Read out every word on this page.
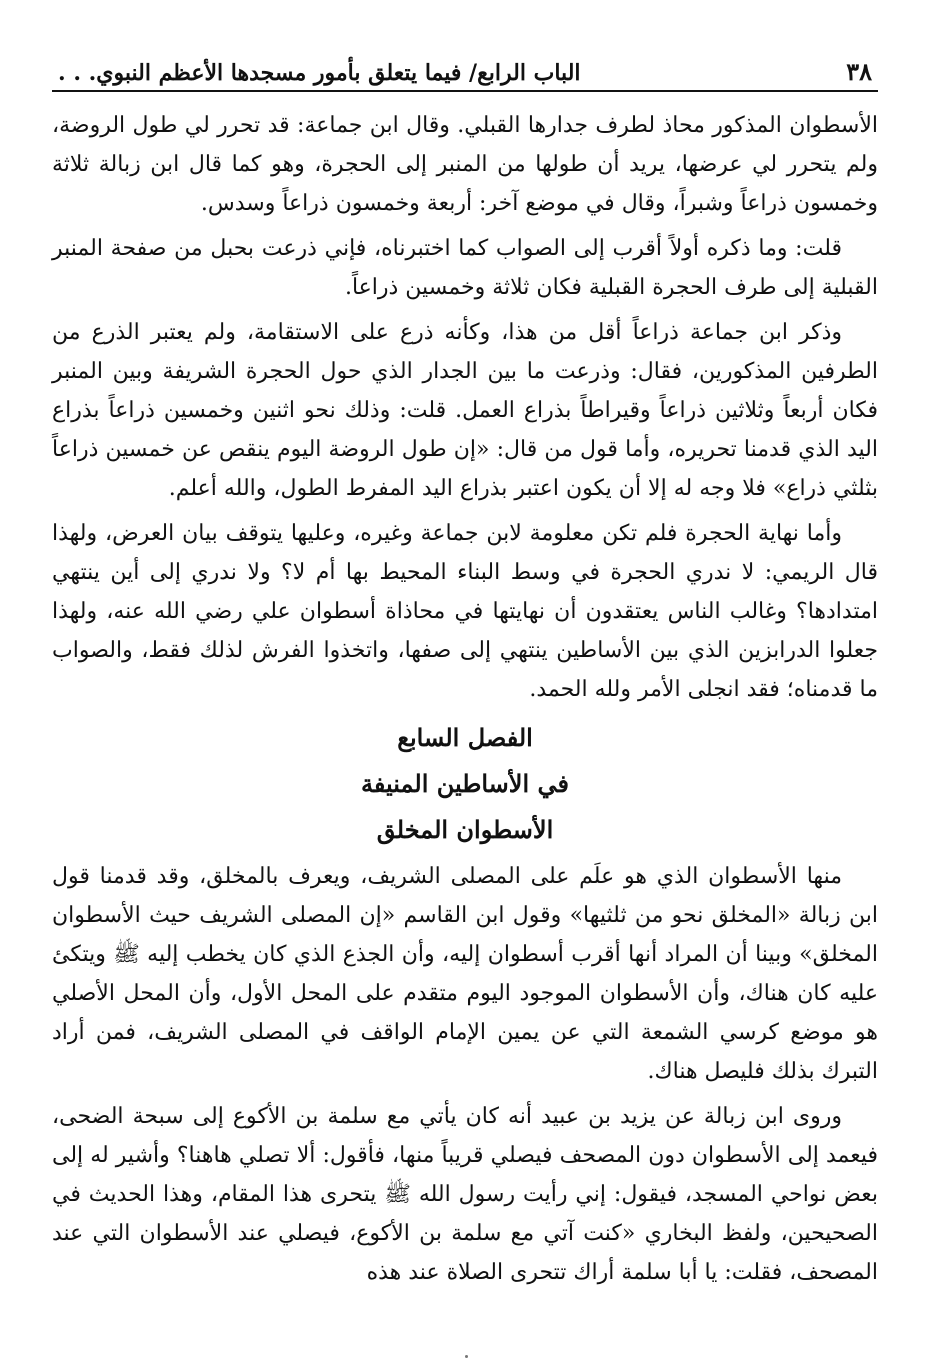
٣٨
الباب الرابع/ فيما يتعلق بأمور مسجدها الأعظم النبوي. . .

الأسطوان المذكور محاذ لطرف جدارها القبلي. وقال ابن جماعة: قد تحرر لي طول الروضة، ولم يتحرر لي عرضها، يريد أن طولها من المنبر إلى الحجرة، وهو كما قال ابن زبالة ثلاثة وخمسون ذراعاً وشبراً، وقال في موضع آخر: أربعة وخمسون ذراعاً وسدس.

قلت: وما ذكره أولاً أقرب إلى الصواب كما اختبرناه، فإني ذرعت بحبل من صفحة المنبر القبلية إلى طرف الحجرة القبلية فكان ثلاثة وخمسين ذراعاً.

وذكر ابن جماعة ذراعاً أقل من هذا، وكأنه ذرع على الاستقامة، ولم يعتبر الذرع من الطرفين المذكورين، فقال: وذرعت ما بين الجدار الذي حول الحجرة الشريفة وبين المنبر فكان أربعاً وثلاثين ذراعاً وقيراطاً بذراع العمل. قلت: وذلك نحو اثنين وخمسين ذراعاً بذراع اليد الذي قدمنا تحريره، وأما قول من قال: «إن طول الروضة اليوم ينقص عن خمسين ذراعاً بثلثي ذراع» فلا وجه له إلا أن يكون اعتبر بذراع اليد المفرط الطول، والله أعلم.

وأما نهاية الحجرة فلم تكن معلومة لابن جماعة وغيره، وعليها يتوقف بيان العرض، ولهذا قال الريمي: لا ندري الحجرة في وسط البناء المحيط بها أم لا؟ ولا ندري إلى أين ينتهي امتدادها؟ وغالب الناس يعتقدون أن نهايتها في محاذاة أسطوان علي رضي الله عنه، ولهذا جعلوا الدرابزين الذي بين الأساطين ينتهي إلى صفها، واتخذوا الفرش لذلك فقط، والصواب ما قدمناه؛ فقد انجلى الأمر ولله الحمد.

الفصل السابع
في الأساطين المنيفة
الأسطوان المخلق

منها الأسطوان الذي هو علَم على المصلى الشريف، ويعرف بالمخلق، وقد قدمنا قول ابن زبالة «المخلق نحو من ثلثيها» وقول ابن القاسم «إن المصلى الشريف حيث الأسطوان المخلق» وبينا أن المراد أنها أقرب أسطوان إليه، وأن الجذع الذي كان يخطب إليه ﷺ ويتكئ عليه كان هناك، وأن الأسطوان الموجود اليوم متقدم على المحل الأول، وأن المحل الأصلي هو موضع كرسي الشمعة التي عن يمين الإمام الواقف في المصلى الشريف، فمن أراد التبرك بذلك فليصل هناك.

وروى ابن زبالة عن يزيد بن عبيد أنه كان يأتي مع سلمة بن الأكوع إلى سبحة الضحى، فيعمد إلى الأسطوان دون المصحف فيصلي قريباً منها، فأقول: ألا تصلي هاهنا؟ وأشير له إلى بعض نواحي المسجد، فيقول: إني رأيت رسول الله ﷺ يتحرى هذا المقام، وهذا الحديث في الصحيحين، ولفظ البخاري «كنت آتي مع سلمة بن الأكوع، فيصلي عند الأسطوان التي عند المصحف، فقلت: يا أبا سلمة أراك تتحرى الصلاة عند هذه
